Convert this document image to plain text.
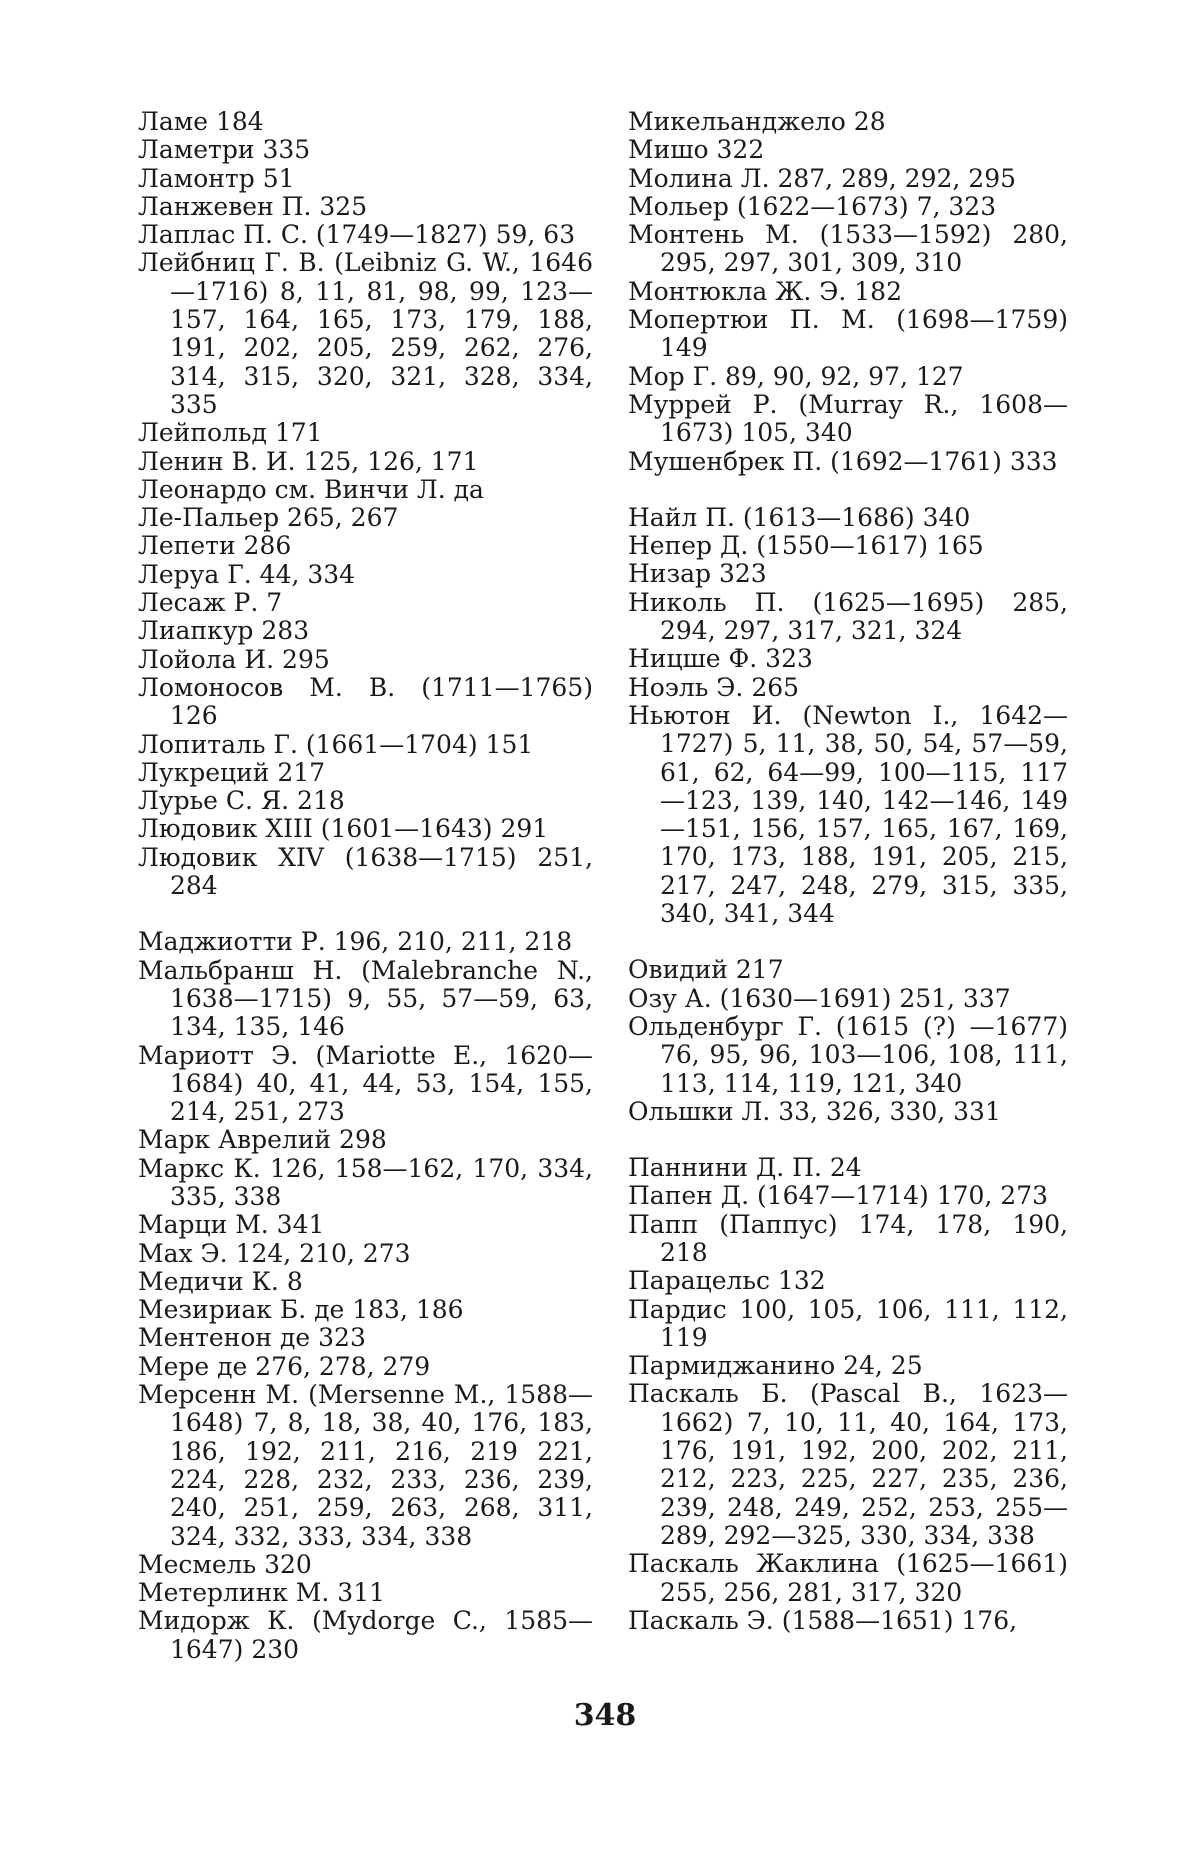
Ламе 184

Ламетри 335

Ламонтр 51

Ланжевен П. 325

Лаплас П. С. (1749—1827) 59, 63

Лейбниц Г. В. (Leibniz G. W., 1646—1716) 8, 11, 81, 98, 99, 123—157, 164, 165, 173, 179, 188, 191, 202, 205, 259, 262, 276, 314, 315, 320, 321, 328, 334, 335

Лейпольд 171

Ленин В. И. 125, 126, 171

Леонардо см. Винчи Л. да

Ле-Пальер 265, 267

Лепети 286

Леруа Г. 44, 334

Лесаж Р. 7

Лиапкур 283

Лойола И. 295

Ломоносов М. В. (1711—1765) 126

Лопиталь Г. (1661—1704) 151

Лукреций 217

Лурье С. Я. 218

Людовик XIII (1601—1643) 291

Людовик XIV (1638—1715) 251, 284

Маджиотти Р. 196, 210, 211, 218

Мальбранш Н. (Malebranche N., 1638—1715) 9, 55, 57—59, 63, 134, 135, 146

Мариотт Э. (Mariotte E., 1620—1684) 40, 41, 44, 53, 154, 155, 214, 251, 273

Марк Аврелий 298

Маркс К. 126, 158—162, 170, 334, 335, 338

Марци М. 341

Мах Э. 124, 210, 273

Медичи К. 8

Мезириак Б. де 183, 186

Ментенон де 323

Мере де 276, 278, 279

Мерсенн М. (Mersenne M., 1588—1648) 7, 8, 18, 38, 40, 176, 183, 186, 192, 211, 216, 219 221, 224, 228, 232, 233, 236, 239, 240, 251, 259, 263, 268, 311, 324, 332, 333, 334, 338

Месмель 320

Метерлинк М. 311

Мидорж К. (Mydorge C., 1585—1647) 230

Микельанджело 28

Мишо 322

Молина Л. 287, 289, 292, 295

Мольер (1622—1673) 7, 323

Монтень М. (1533—1592) 280, 295, 297, 301, 309, 310

Монтюкла Ж. Э. 182

Мопертюи П. М. (1698—1759) 149

Мор Г. 89, 90, 92, 97, 127

Муррей Р. (Murray R., 1608—1673) 105, 340

Мушенбрек П. (1692—1761) 333

Найл П. (1613—1686) 340

Непер Д. (1550—1617) 165

Низар 323

Николь П. (1625—1695) 285, 294, 297, 317, 321, 324

Ницше Ф. 323

Ноэль Э. 265

Ньютон И. (Newton I., 1642—1727) 5, 11, 38, 50, 54, 57—59, 61, 62, 64—99, 100—115, 117—123, 139, 140, 142—146, 149—151, 156, 157, 165, 167, 169, 170, 173, 188, 191, 205, 215, 217, 247, 248, 279, 315, 335, 340, 341, 344

Овидий 217

Озу А. (1630—1691) 251, 337

Ольденбург Г. (1615 (?) —1677) 76, 95, 96, 103—106, 108, 111, 113, 114, 119, 121, 340

Ольшки Л. 33, 326, 330, 331

Паннини Д. П. 24

Папен Д. (1647—1714) 170, 273

Папп (Паппус) 174, 178, 190, 218

Парацельс 132

Пардис 100, 105, 106, 111, 112, 119

Пармиджанино 24, 25

Паскаль Б. (Pascal B., 1623—1662) 7, 10, 11, 40, 164, 173, 176, 191, 192, 200, 202, 211, 212, 223, 225, 227, 235, 236, 239, 248, 249, 252, 253, 255—289, 292—325, 330, 334, 338

Паскаль Жаклина (1625—1661) 255, 256, 281, 317, 320

Паскаль Э. (1588—1651) 176,

348
